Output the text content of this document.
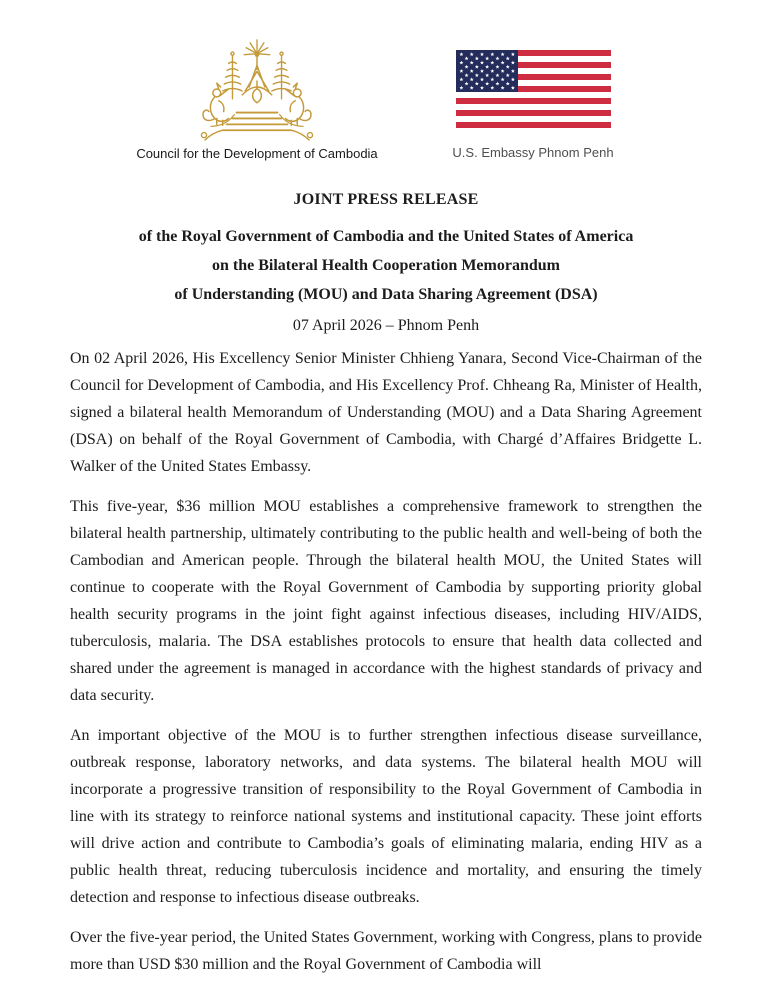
Council for the Development of Cambodia	U.S. Embassy Phnom Penh
JOINT PRESS RELEASE
of the Royal Government of Cambodia and the United States of America
on the Bilateral Health Cooperation Memorandum
of Understanding (MOU) and Data Sharing Agreement (DSA)
07 April 2026 – Phnom Penh

On 02 April 2026, His Excellency Senior Minister Chhieng Yanara, Second Vice-Chairman of the Council for Development of Cambodia, and His Excellency Prof. Chheang Ra, Minister of Health, signed a bilateral health Memorandum of Understanding (MOU) and a Data Sharing Agreement (DSA) on behalf of the Royal Government of Cambodia, with Chargé d’Affaires Bridgette L. Walker of the United States Embassy.

This five-year, $36 million MOU establishes a comprehensive framework to strengthen the bilateral health partnership, ultimately contributing to the public health and well-being of both the Cambodian and American people. Through the bilateral health MOU, the United States will continue to cooperate with the Royal Government of Cambodia by supporting priority global health security programs in the joint fight against infectious diseases, including HIV/AIDS, tuberculosis, malaria. The DSA establishes protocols to ensure that health data collected and shared under the agreement is managed in accordance with the highest standards of privacy and data security.

An important objective of the MOU is to further strengthen infectious disease surveillance, outbreak response, laboratory networks, and data systems. The bilateral health MOU will incorporate a progressive transition of responsibility to the Royal Government of Cambodia in line with its strategy to reinforce national systems and institutional capacity. These joint efforts will drive action and contribute to Cambodia’s goals of eliminating malaria, ending HIV as a public health threat, reducing tuberculosis incidence and mortality, and ensuring the timely detection and response to infectious disease outbreaks.

Over the five-year period, the United States Government, working with Congress, plans to provide more than USD $30 million and the Royal Government of Cambodia will
